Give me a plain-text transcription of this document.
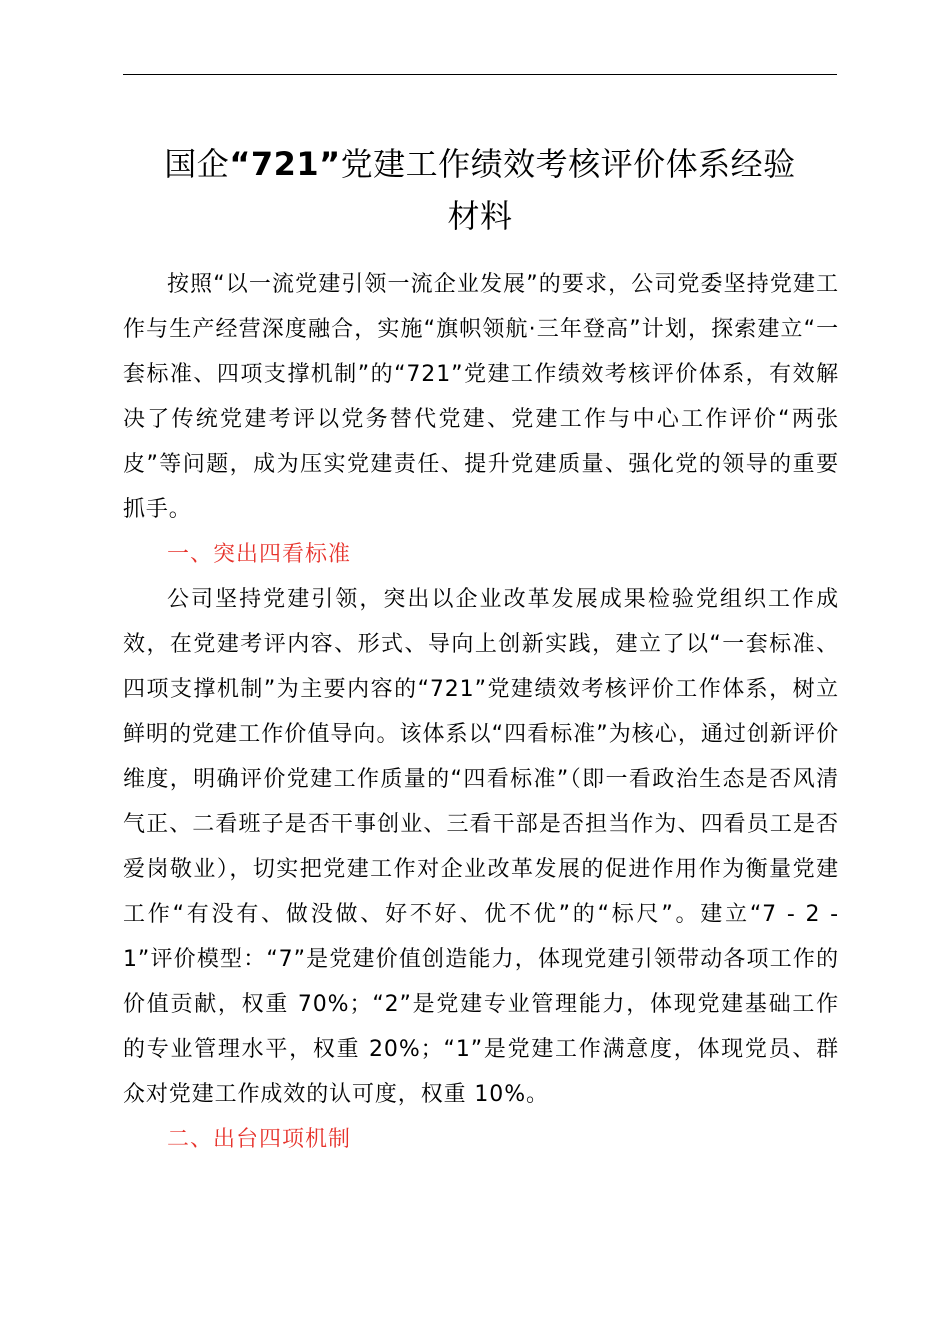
国企“721”党建工作绩效考核评价体系经验
材料

按照“以一流党建引领一流企业发展”的要求，公司党委坚持党建工作与生产经营深度融合，实施“旗帜领航·三年登高”计划，探索建立“一套标准、四项支撑机制”的“721”党建工作绩效考核评价体系，有效解决了传统党建考评以党务替代党建、党建工作与中心工作评价“两张皮”等问题，成为压实党建责任、提升党建质量、强化党的领导的重要抓手。

一、突出四看标准

公司坚持党建引领，突出以企业改革发展成果检验党组织工作成效，在党建考评内容、形式、导向上创新实践，建立了以“一套标准、四项支撑机制”为主要内容的“721”党建绩效考核评价工作体系，树立鲜明的党建工作价值导向。该体系以“四看标准”为核心，通过创新评价维度，明确评价党建工作质量的“四看标准”（即一看政治生态是否风清气正、二看班子是否干事创业、三看干部是否担当作为、四看员工是否爱岗敬业），切实把党建工作对企业改革发展的促进作用作为衡量党建工作“有没有、做没做、好不好、优不优”的“标尺”。建立“7 - 2 - 1”评价模型：“7”是党建价值创造能力，体现党建引领带动各项工作的价值贡献，权重 70%；“2”是党建专业管理能力，体现党建基础工作的专业管理水平，权重 20%；“1”是党建工作满意度，体现党员、群众对党建工作成效的认可度，权重 10%。

二、出台四项机制
